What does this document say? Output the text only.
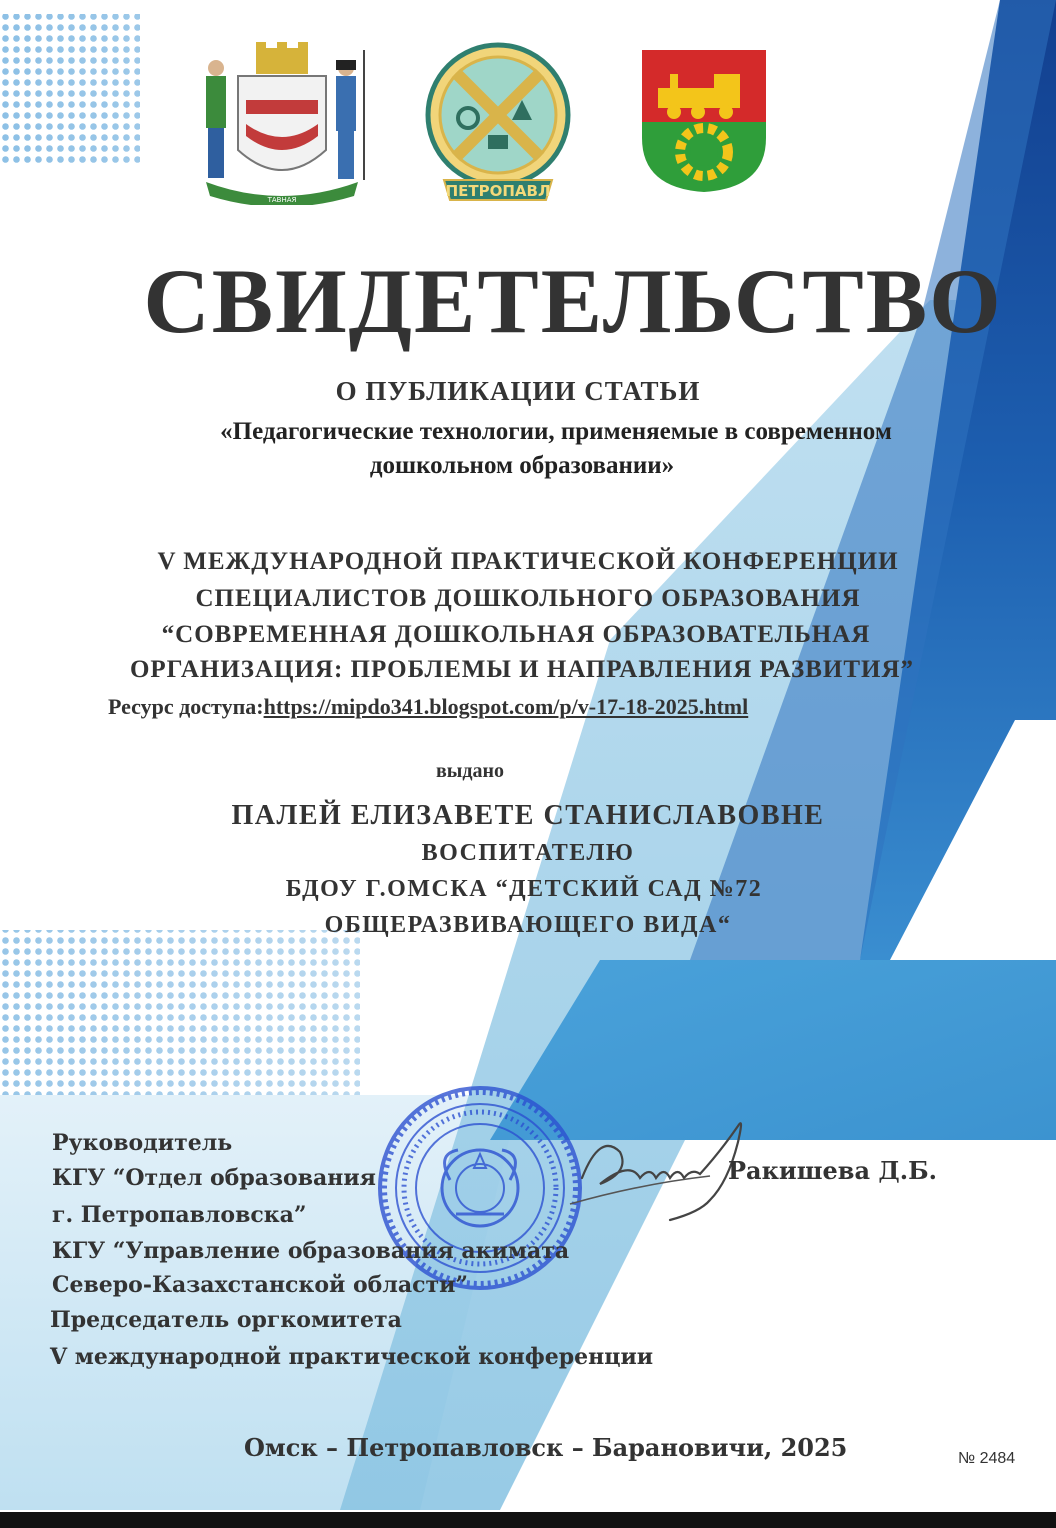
ТАВНАЯ	ПЕТРОПАВЛ
СВИДЕТЕЛЬСТВО
О ПУБЛИКАЦИИ СТАТЬИ
«Педагогические технологии, применяемые в современном
дошкольном образовании»
V МЕЖДУНАРОДНОЙ ПРАКТИЧЕСКОЙ КОНФЕРЕНЦИИ
СПЕЦИАЛИСТОВ ДОШКОЛЬНОГО ОБРАЗОВАНИЯ
“СОВРЕМЕННАЯ ДОШКОЛЬНАЯ ОБРАЗОВАТЕЛЬНАЯ
ОРГАНИЗАЦИЯ: ПРОБЛЕМЫ И НАПРАВЛЕНИЯ РАЗВИТИЯ”
Ресурс доступа:https://mipdo341.blogspot.com/p/v-17-18-2025.html
выдано
ПАЛЕЙ ЕЛИЗАВЕТЕ СТАНИСЛАВОВНЕ
ВОСПИТАТЕЛЮ
БДОУ Г.ОМСКА “ДЕТСКИЙ САД №72
ОБЩЕРАЗВИВАЮЩЕГО ВИДА“
Руководитель
КГУ “Отдел образования
г. Петропавловска”
КГУ “Управление образования акимата
Северо-Казахстанской области”
Председатель оргкомитета
V международной практической конференции
Ракишева Д.Б.
Омск – Петропавловск – Барановичи, 2025	№ 2484
